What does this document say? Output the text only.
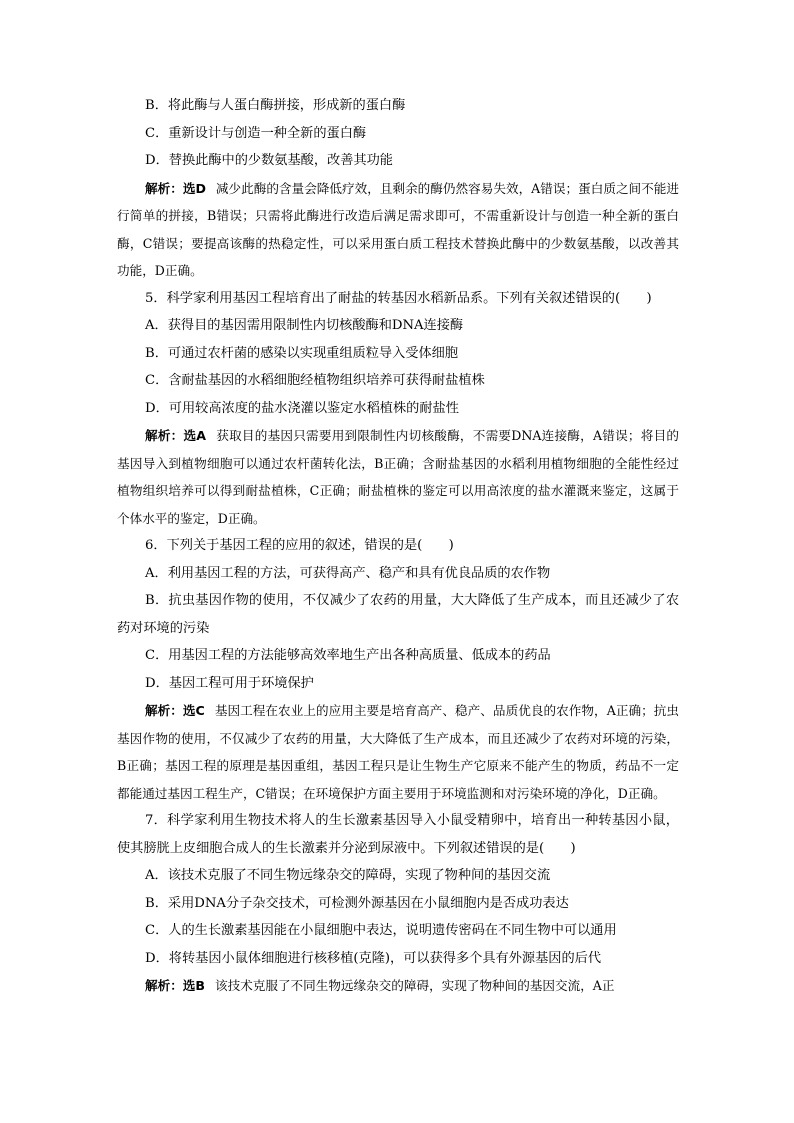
B．将此酶与人蛋白酶拼接，形成新的蛋白酶

C．重新设计与创造一种全新的蛋白酶

D．替换此酶中的少数氨基酸，改善其功能

解析：选D 减少此酶的含量会降低疗效，且剩余的酶仍然容易失效，A错误；蛋白质之间不能进行简单的拼接，B错误；只需将此酶进行改造后满足需求即可，不需重新设计与创造一种全新的蛋白酶，C错误；要提高该酶的热稳定性，可以采用蛋白质工程技术替换此酶中的少数氨基酸，以改善其功能，D正确。

5．科学家利用基因工程培育出了耐盐的转基因水稻新品系。下列有关叙述错误的(　　)

A．获得目的基因需用限制性内切核酸酶和DNA连接酶

B．可通过农杆菌的感染以实现重组质粒导入受体细胞

C．含耐盐基因的水稻细胞经植物组织培养可获得耐盐植株

D．可用较高浓度的盐水浇灌以鉴定水稻植株的耐盐性

解析：选A 获取目的基因只需要用到限制性内切核酸酶，不需要DNA连接酶，A错误；将目的基因导入到植物细胞可以通过农杆菌转化法，B正确；含耐盐基因的水稻利用植物细胞的全能性经过植物组织培养可以得到耐盐植株，C正确；耐盐植株的鉴定可以用高浓度的盐水灌溉来鉴定，这属于个体水平的鉴定，D正确。

6．下列关于基因工程的应用的叙述，错误的是(　　)

A．利用基因工程的方法，可获得高产、稳产和具有优良品质的农作物

B．抗虫基因作物的使用，不仅减少了农药的用量，大大降低了生产成本，而且还减少了农药对环境的污染

C．用基因工程的方法能够高效率地生产出各种高质量、低成本的药品

D．基因工程可用于环境保护

解析：选C 基因工程在农业上的应用主要是培育高产、稳产、品质优良的农作物，A正确；抗虫基因作物的使用，不仅减少了农药的用量，大大降低了生产成本，而且还减少了农药对环境的污染，B正确；基因工程的原理是基因重组，基因工程只是让生物生产它原来不能产生的物质，药品不一定都能通过基因工程生产，C错误；在环境保护方面主要用于环境监测和对污染环境的净化，D正确。

7．科学家利用生物技术将人的生长激素基因导入小鼠受精卵中，培育出一种转基因小鼠，使其膀胱上皮细胞合成人的生长激素并分泌到尿液中。下列叙述错误的是(　　)

A．该技术克服了不同生物远缘杂交的障碍，实现了物种间的基因交流

B．采用DNA分子杂交技术，可检测外源基因在小鼠细胞内是否成功表达

C．人的生长激素基因能在小鼠细胞中表达，说明遗传密码在不同生物中可以通用

D．将转基因小鼠体细胞进行核移植(克隆)，可以获得多个具有外源基因的后代

解析：选B 该技术克服了不同生物远缘杂交的障碍，实现了物种间的基因交流，A正
